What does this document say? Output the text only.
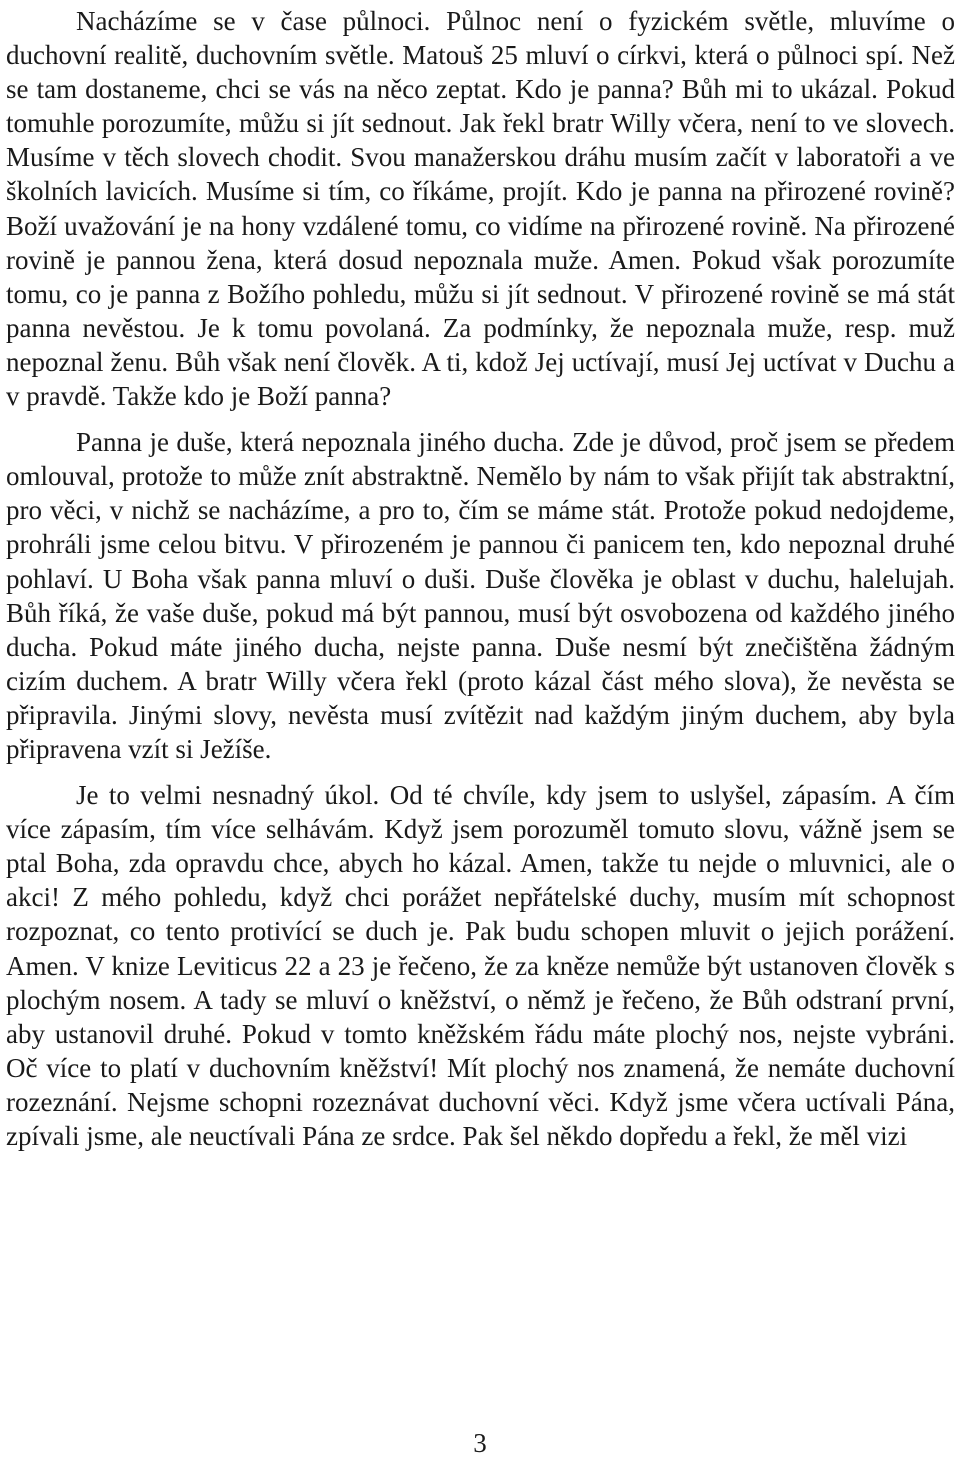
Nacházíme se v čase půlnoci. Půlnoc není o fyzickém světle, mluvíme o duchovní realitě, duchovním světle. Matouš 25 mluví o církvi, která o půlnoci spí. Než se tam dostaneme, chci se vás na něco zeptat. Kdo je panna? Bůh mi to ukázal. Pokud tomuhle porozumíte, můžu si jít sednout. Jak řekl bratr Willy včera, není to ve slovech. Musíme v těch slovech chodit. Svou manažerskou dráhu musím začít v laboratoři a ve školních lavicích. Musíme si tím, co říkáme, projít. Kdo je panna na přirozené rovině? Boží uvažování je na hony vzdálené tomu, co vidíme na přirozené rovině. Na přirozené rovině je pannou žena, která dosud nepoznala muže. Amen. Pokud však porozumíte tomu, co je panna z Božího pohledu, můžu si jít sednout. V přirozené rovině se má stát panna nevěstou. Je k tomu povolaná. Za podmínky, že nepoznala muže, resp. muž nepoznal ženu. Bůh však není člověk. A ti, kdož Jej uctívají, musí Jej uctívat v Duchu a v pravdě. Takže kdo je Boží panna?

Panna je duše, která nepoznala jiného ducha. Zde je důvod, proč jsem se předem omlouval, protože to může znít abstraktně. Nemělo by nám to však přijít tak abstraktní, pro věci, v nichž se nacházíme, a pro to, čím se máme stát. Protože pokud nedojdeme, prohráli jsme celou bitvu. V přirozeném je pannou či panicem ten, kdo nepoznal druhé pohlaví. U Boha však panna mluví o duši. Duše člověka je oblast v duchu, halelujah. Bůh říká, že vaše duše, pokud má být pannou, musí být osvobozena od každého jiného ducha. Pokud máte jiného ducha, nejste panna. Duše nesmí být znečištěna žádným cizím duchem. A bratr Willy včera řekl (proto kázal část mého slova), že nevěsta se připravila. Jinými slovy, nevěsta musí zvítězit nad každým jiným duchem, aby byla připravena vzít si Ježíše.

Je to velmi nesnadný úkol. Od té chvíle, kdy jsem to uslyšel, zápasím. A čím více zápasím, tím více selhávám. Když jsem porozuměl tomuto slovu, vážně jsem se ptal Boha, zda opravdu chce, abych ho kázal. Amen, takže tu nejde o mluvnici, ale o akci! Z mého pohledu, když chci porážet nepřátelské duchy, musím mít schopnost rozpoznat, co tento protivící se duch je. Pak budu schopen mluvit o jejich porážení. Amen. V knize Leviticus 22 a 23 je řečeno, že za kněze nemůže být ustanoven člověk s plochým nosem. A tady se mluví o kněžství, o němž je řečeno, že Bůh odstraní první, aby ustanovil druhé. Pokud v tomto kněžském řádu máte plochý nos, nejste vybráni. Oč více to platí v duchovním kněžství! Mít plochý nos znamená, že nemáte duchovní rozeznání. Nejsme schopni rozeznávat duchovní věci. Když jsme včera uctívali Pána, zpívali jsme, ale neuctívali Pána ze srdce. Pak šel někdo dopředu a řekl, že měl vizi

3
